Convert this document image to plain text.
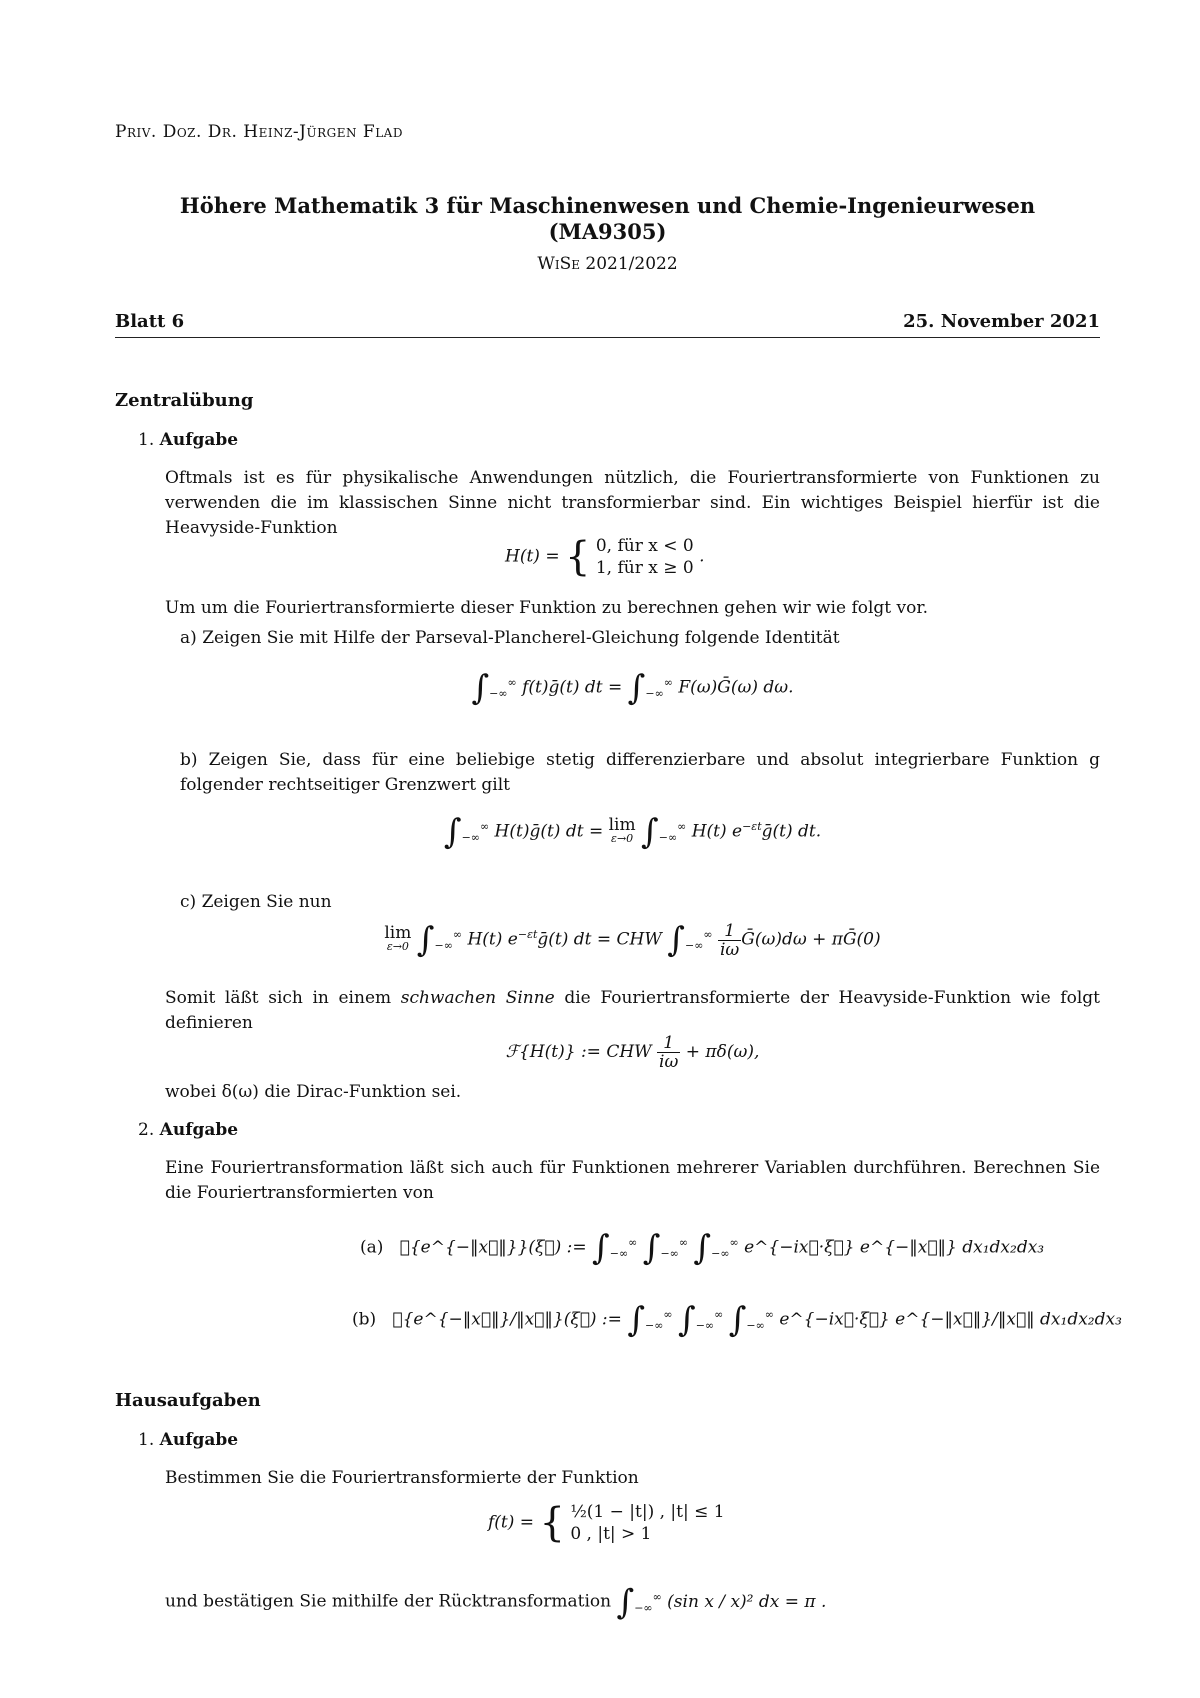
Priv. Doz. Dr. Heinz-Jürgen Flad
Höhere Mathematik 3 für Maschinenwesen und Chemie-Ingenieurwesen
(MA9305)
WiSe 2021/2022
Blatt 6	25. November 2021
Zentralübung
1. Aufgabe
Oftmals ist es für physikalische Anwendungen nützlich, die Fouriertransformierte von Funktionen zu verwenden die im klassischen Sinne nicht transformierbar sind. Ein wichtiges Beispiel hierfür ist die Heavyside-Funktion
H(t) = { 0, für x < 0
1, für x ≥ 0
.
Um um die Fouriertransformierte dieser Funktion zu berechnen gehen wir wie folgt vor.
a) Zeigen Sie mit Hilfe der Parseval-Plancherel-Gleichung folgende Identität
$\int_{-\infty}^\infty$ f(t)ḡ(t) dt = $\int_{-\infty}^\infty$ F(ω)Ḡ(ω) dω.
b) Zeigen Sie, dass für eine beliebige stetig differenzierbare und absolut integrierbare Funktion g folgender rechtseitiger Grenzwert gilt
$\int_{-\infty}^\infty$ H(t)ḡ(t) dt = lim
ε→0 $\int_{-\infty}^\infty$ H(t) $e^{-\varepsilon t}ḡ(t)$ dt.
c) Zeigen Sie nun
lim
ε→0 $\int_{-\infty}^\infty$ H(t) $e^{-\varepsilon t}ḡ(t)$ dt = CHW $\int_{-\infty}^\infty \frac{1}{i\omega}$ Ḡ(ω)dω + πḠ(0)
Somit läßt sich in einem schwachen Sinne die Fouriertransformierte der Heavyside-Funktion wie folgt definieren
ℱ{H(t)} := CHW $\frac{1}{i\omega} + \pi\delta(\omega)$,
wobei δ(ω) die Dirac-Funktion sei.
2. Aufgabe
Eine Fouriertransformation läßt sich auch für Funktionen mehrerer Variablen durchführen. Berechnen Sie die Fouriertransformierten von
(a) ℱ{e^{−‖x⃗‖}}(ξ⃗) := $\int_{-\infty}^\infty$ $\int_{-\infty}^\infty$ $\int_{-\infty}^\infty$ e^{−ix⃗·ξ⃗} e^{−‖x⃗‖} dx₁dx₂dx₃
(b) ℱ{e^{−‖x⃗‖}/‖x⃗‖}(ξ⃗) := $\int_{-\infty}^\infty$ $\int_{-\infty}^\infty$ $\int_{-\infty}^\infty$ e^{−ix⃗·ξ⃗} e^{−‖x⃗‖}/‖x⃗‖ dx₁dx₂dx₃
Hausaufgaben
1. Aufgabe
Bestimmen Sie die Fouriertransformierte der Funktion
f(t) = { ½(1 − |t|) , |t| ≤ 1
0 , |t| > 1
und bestätigen Sie mithilfe der Rücktransformation $\int_{-\infty}^\infty$ (sin x / x)² dx = π .
